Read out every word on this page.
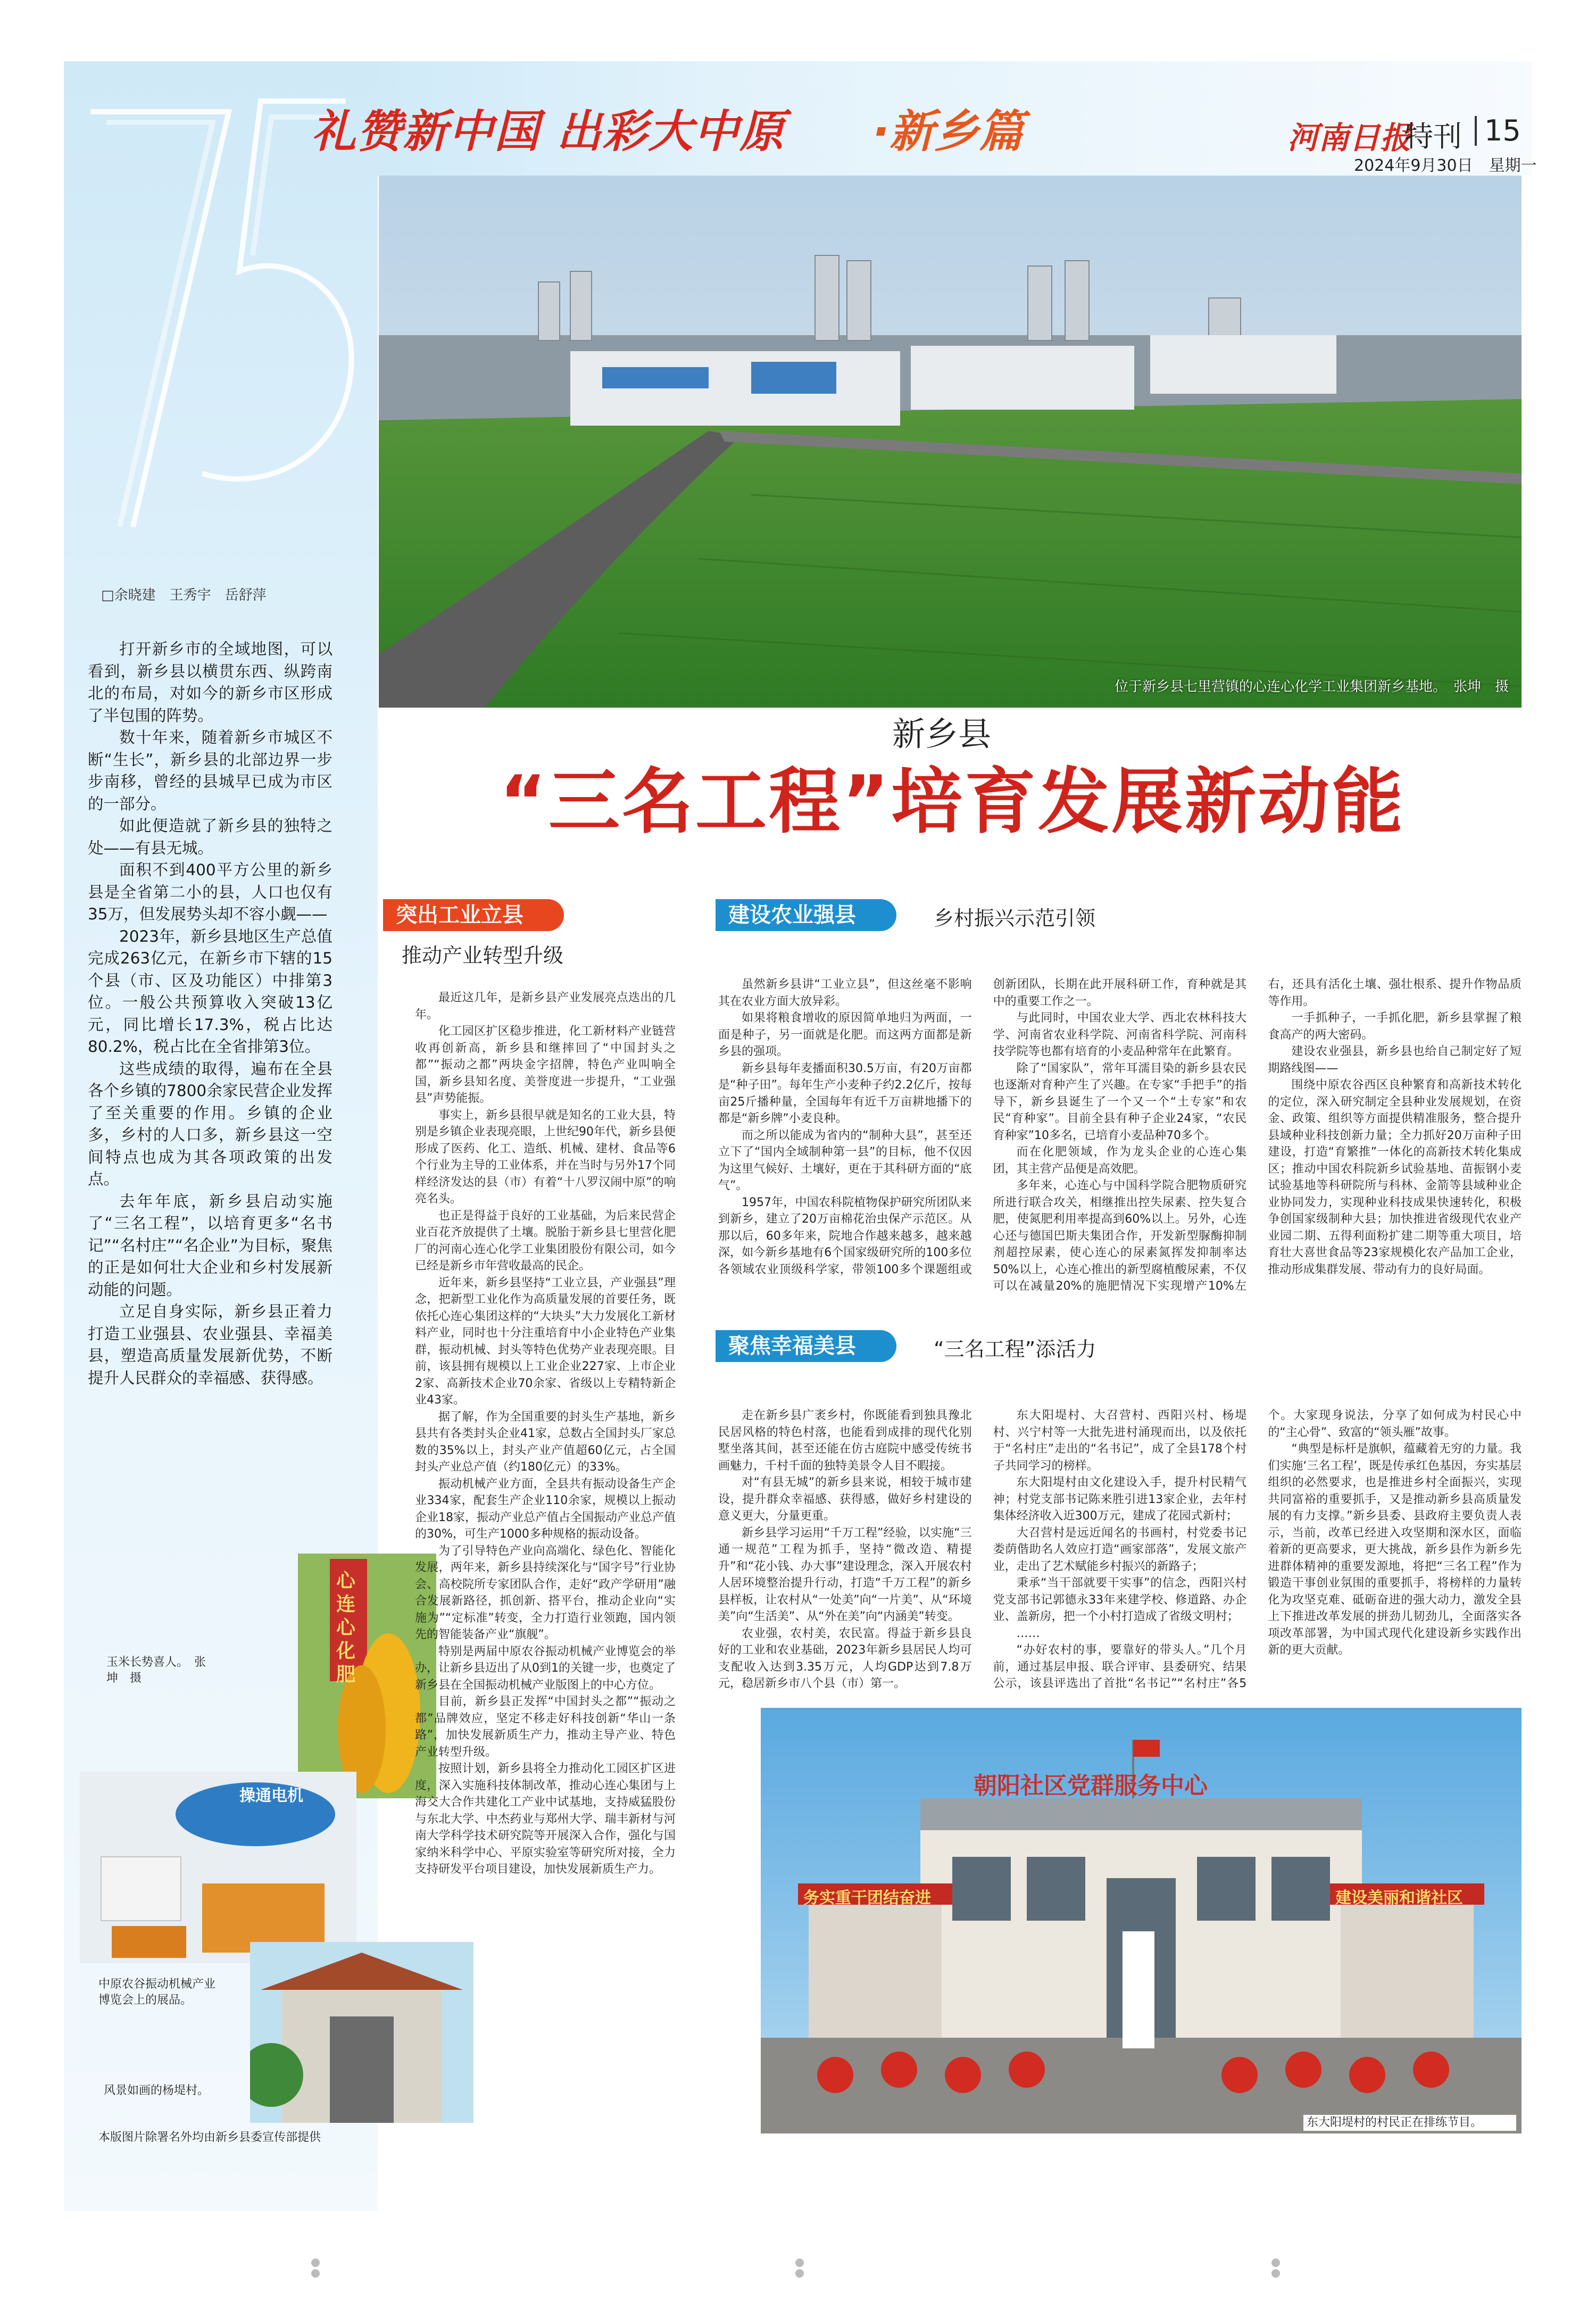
礼赞新中国 出彩大中原 ·新乡篇	河南日报
特刊 15
2024年9月30日　星期一
位于新乡县七里营镇的心连心化学工业集团新乡基地。　张坤　摄
新乡县
“三名工程”培育发展新动能
□余晓建　王秀宇　岳舒萍

打开新乡市的全域地图，可以看到，新乡县以横贯东西、纵跨南北的布局，对如今的新乡市区形成了半包围的阵势。

数十年来，随着新乡市城区不断“生长”，新乡县的北部边界一步步南移，曾经的县城早已成为市区的一部分。

如此便造就了新乡县的独特之处——有县无城。

面积不到400平方公里的新乡县是全省第二小的县，人口也仅有35万，但发展势头却不容小觑——

2023年，新乡县地区生产总值完成263亿元，在新乡市下辖的15个县（市、区及功能区）中排第3位。一般公共预算收入突破13亿元，同比增长17.3%，税占比达80.2%，税占比在全省排第3位。

这些成绩的取得，遍布在全县各个乡镇的7800余家民营企业发挥了至关重要的作用。乡镇的企业多，乡村的人口多，新乡县这一空间特点也成为其各项政策的出发点。

去年年底，新乡县启动实施了“三名工程”，以培育更多“名书记”“名村庄”“名企业”为目标，聚焦的正是如何壮大企业和乡村发展新动能的问题。

立足自身实际，新乡县正着力打造工业强县、农业强县、幸福美县，塑造高质量发展新优势，不断提升人民群众的幸福感、获得感。

心连心化肥
玉米长势喜人。　张坤　摄
操通电机
中原农谷振动机械产业博览会上的展品。
风景如画的杨堤村。
本版图片除署名外均由新乡县委宣传部提供
突出工业立县
推动产业转型升级

最近这几年，是新乡县产业发展亮点迭出的几年。

化工园区扩区稳步推进，化工新材料产业链营收再创新高，新乡县和继摔回了“中国封头之都”“振动之都”两块金字招牌，特色产业叫响全国，新乡县知名度、美誉度进一步提升，“工业强县”声势能振。

事实上，新乡县很早就是知名的工业大县，特别是乡镇企业表现亮眼，上世纪90年代，新乡县便形成了医药、化工、造纸、机械、建材、食品等6个行业为主导的工业体系，并在当时与另外17个同样经济发达的县（市）有着“十八罗汉闹中原”的响亮名头。

也正是得益于良好的工业基础，为后来民营企业百花齐放提供了土壤。脱胎于新乡县七里营化肥厂的河南心连心化学工业集团股份有限公司，如今已经是新乡市年营收最高的民企。

近年来，新乡县坚持“工业立县，产业强县”理念，把新型工业化作为高质量发展的首要任务，既依托心连心集团这样的“大块头”大力发展化工新材料产业，同时也十分注重培育中小企业特色产业集群，振动机械、封头等特色优势产业表现亮眼。目前，该县拥有规模以上工业企业227家、上市企业2家、高新技术企业70余家、省级以上专精特新企业43家。

据了解，作为全国重要的封头生产基地，新乡县共有各类封头企业41家，总数占全国封头厂家总数的35%以上，封头产业产值超60亿元，占全国封头产业总产值（约180亿元）的33%。

振动机械产业方面，全县共有振动设备生产企业334家，配套生产企业110余家，规模以上振动企业18家，振动产业总产值占全国振动产业总产值的30%，可生产1000多种规格的振动设备。

为了引导特色产业向高端化、绿色化、智能化发展，两年来，新乡县持续深化与“国字号”行业协会、高校院所专家团队合作，走好“政产学研用”融合发展新路径，抓创新、搭平台，推动企业向“实施为”“定标准”转变，全力打造行业领跑，国内领先的智能装备产业“旗舰”。

特别是两届中原农谷振动机械产业博览会的举办，让新乡县迈出了从0到1的关键一步，也奠定了新乡县在全国振动机械产业版图上的中心方位。

目前，新乡县正发挥“中国封头之都”“振动之都”品牌效应，坚定不移走好科技创新“华山一条路”，加快发展新质生产力，推动主导产业、特色产业转型升级。

按照计划，新乡县将全力推动化工园区扩区进度，深入实施科技体制改革，推动心连心集团与上海交大合作共建化工产业中试基地，支持威猛股份与东北大学、中杰药业与郑州大学、瑞丰新材与河南大学科学技术研究院等开展深入合作，强化与国家纳米科学中心、平原实验室等研究所对接，全力支持研发平台项目建设，加快发展新质生产力。

建设农业强县	乡村振兴示范引领

虽然新乡县讲“工业立县”，但这丝毫不影响其在农业方面大放异彩。

如果将粮食增收的原因简单地归为两面，一面是种子，另一面就是化肥。而这两方面都是新乡县的强项。

新乡县每年麦播面积30.5万亩，有20万亩都是“种子田”。每年生产小麦种子约2.2亿斤，按每亩25斤播种量，全国每年有近千万亩耕地播下的都是“新乡牌”小麦良种。

而之所以能成为省内的“制种大县”，甚至还立下了“国内全域制种第一县”的目标，他不仅因为这里气候好、土壤好，更在于其科研方面的“底气”。

1957年，中国农科院植物保护研究所团队来到新乡，建立了20万亩棉花治虫保产示范区。从那以后，60多年来，院地合作越来越多，越来越深，如今新乡基地有6个国家级研究所的100多位各领域农业顶级科学家，带领100多个课题组或创新团队，长期在此开展科研工作，育种就是其中的重要工作之一。

与此同时，中国农业大学、西北农林科技大学、河南省农业科学院、河南省科学院、河南科技学院等也都有培育的小麦品种常年在此繁育。

除了“国家队”，常年耳濡目染的新乡县农民也逐渐对育种产生了兴趣。在专家“手把手”的指导下，新乡县诞生了一个又一个“土专家”和农民“育种家”。目前全县有种子企业24家，“农民育种家”10多名，已培育小麦品种70多个。

而在化肥领域，作为龙头企业的心连心集团，其主营产品便是高效肥。

多年来，心连心与中国科学院合肥物质研究所进行联合攻关，相继推出控失尿素、控失复合肥，使氮肥利用率提高到60%以上。另外，心连心还与德国巴斯夫集团合作，开发新型脲酶抑制剂超控尿素，使心连心的尿素氮挥发抑制率达50%以上，心连心推出的新型腐植酸尿素，不仅可以在减量20%的施肥情况下实现增产10%左右，还具有活化土壤、强壮根系、提升作物品质等作用。

一手抓种子，一手抓化肥，新乡县掌握了粮食高产的两大密码。

建设农业强县，新乡县也给自己制定好了短期路线图——

围绕中原农谷西区良种繁育和高新技术转化的定位，深入研究制定全县种业发展规划，在资金、政策、组织等方面提供精准服务，整合提升县域种业科技创新力量；全力抓好20万亩种子田建设，打造“育繁推”一体化的高新技术转化集成区；推动中国农科院新乡试验基地、苗振钢小麦试验基地等科研院所与科林、金箭等县域种业企业协同发力，实现种业科技成果快速转化，积极争创国家级制种大县；加快推进省级现代农业产业园二期、五得利面粉扩建二期等重大项目，培育壮大喜世食品等23家规模化农产品加工企业，推动形成集群发展、带动有力的良好局面。

聚焦幸福美县	“三名工程”添活力

走在新乡县广袤乡村，你既能看到独具豫北民居风格的特色村落，也能看到成排的现代化别墅坐落其间，甚至还能在仿古庭院中感受传统书画魅力，千村千面的独特美景令人目不暇接。

对“有县无城”的新乡县来说，相较于城市建设，提升群众幸福感、获得感，做好乡村建设的意义更大，分量更重。

新乡县学习运用“千万工程”经验，以实施“三通一规范”工程为抓手，坚持“微改造、精提升”和“花小钱、办大事”建设理念，深入开展农村人居环境整治提升行动，打造“千万工程”的新乡县样板，让农村从“一处美”向“一片美”、从“环境美”向“生活美”、从“外在美”向“内涵美”转变。

农业强，农村美，农民富。得益于新乡县良好的工业和农业基础，2023年新乡县居民人均可支配收入达到3.35万元，人均GDP达到7.8万元，稳居新乡市八个县（市）第一。

东大阳堤村、大召营村、西阳兴村、杨堤村、兴宁村等一大批先进村涌现而出，以及依托于“名村庄”走出的“名书记”，成了全县178个村子共同学习的榜样。

东大阳堤村由文化建设入手，提升村民精气神；村党支部书记陈来胜引进13家企业，去年村集体经济收入近300万元，建成了花园式新村；

大召营村是远近闻名的书画村，村党委书记娄荫偕助名人效应打造“画家部落”，发展文旅产业，走出了艺术赋能乡村振兴的新路子；

秉承“当干部就要干实事”的信念，西阳兴村党支部书记郭德永33年来建学校、修道路、办企业、盖新房，把一个小村打造成了省级文明村；

……

“办好农村的事，要靠好的带头人。”几个月前，通过基层申报、联合评审、县委研究、结果公示，该县评选出了首批“名书记”“名村庄”各5个。大家现身说法，分享了如何成为村民心中的“主心骨”、致富的“领头雁”故事。

“典型是标杆是旗帜，蕴藏着无穷的力量。我们实施‘三名工程’，既是传承红色基因，夯实基层组织的必然要求，也是推进乡村全面振兴，实现共同富裕的重要抓手，又是推动新乡县高质量发展的有力支撑。”新乡县委、县政府主要负责人表示，当前，改革已经进入攻坚期和深水区，面临着新的更高要求，更大挑战，新乡县作为新乡先进群体精神的重要发源地，将把“三名工程”作为锻造干事创业氛围的重要抓手，将榜样的力量转化为攻坚克难、砥砺奋进的强大动力，激发全县上下推进改革发展的拼劲儿韧劲儿，全面落实各项改革部署，为中国式现代化建设新乡实践作出新的更大贡献。

朝阳社区党群服务中心
务实重干团结奋进	建设美丽和谐社区
东大阳堤村的村民正在排练节目。
